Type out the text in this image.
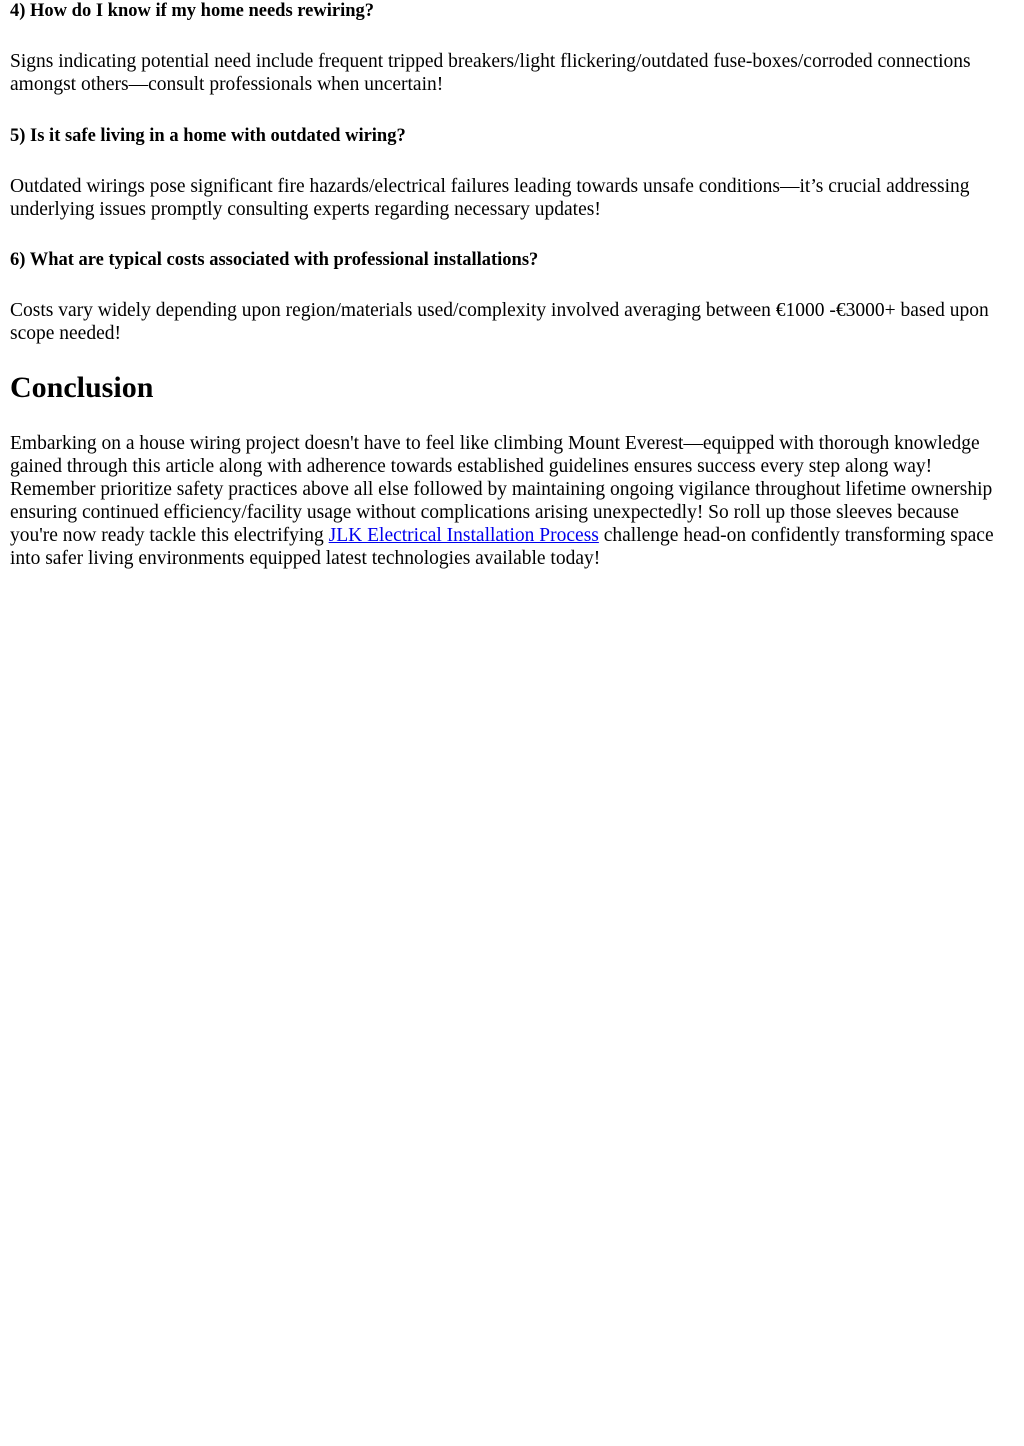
4) How do I know if my home needs rewiring?

Signs indicating potential need include frequent tripped breakers/light flickering/outdated fuse-boxes/corroded connections amongst others—consult professionals when uncertain!

5) Is it safe living in a home with outdated wiring?

Outdated wirings pose significant fire hazards/electrical failures leading towards unsafe conditions—it’s crucial addressing underlying issues promptly consulting experts regarding necessary updates!

6) What are typical costs associated with professional installations?

Costs vary widely depending upon region/materials used/complexity involved averaging between €1000 -€3000+ based upon scope needed!

Conclusion

Embarking on a house wiring project doesn't have to feel like climbing Mount Everest—equipped with thorough knowledge gained through this article along with adherence towards established guidelines ensures success every step along way! Remember prioritize safety practices above all else followed by maintaining ongoing vigilance throughout lifetime ownership ensuring continued efficiency/facility usage without complications arising unexpectedly! So roll up those sleeves because you're now ready tackle this electrifying JLK Electrical Installation Process challenge head-on confidently transforming space into safer living environments equipped latest technologies available today!
